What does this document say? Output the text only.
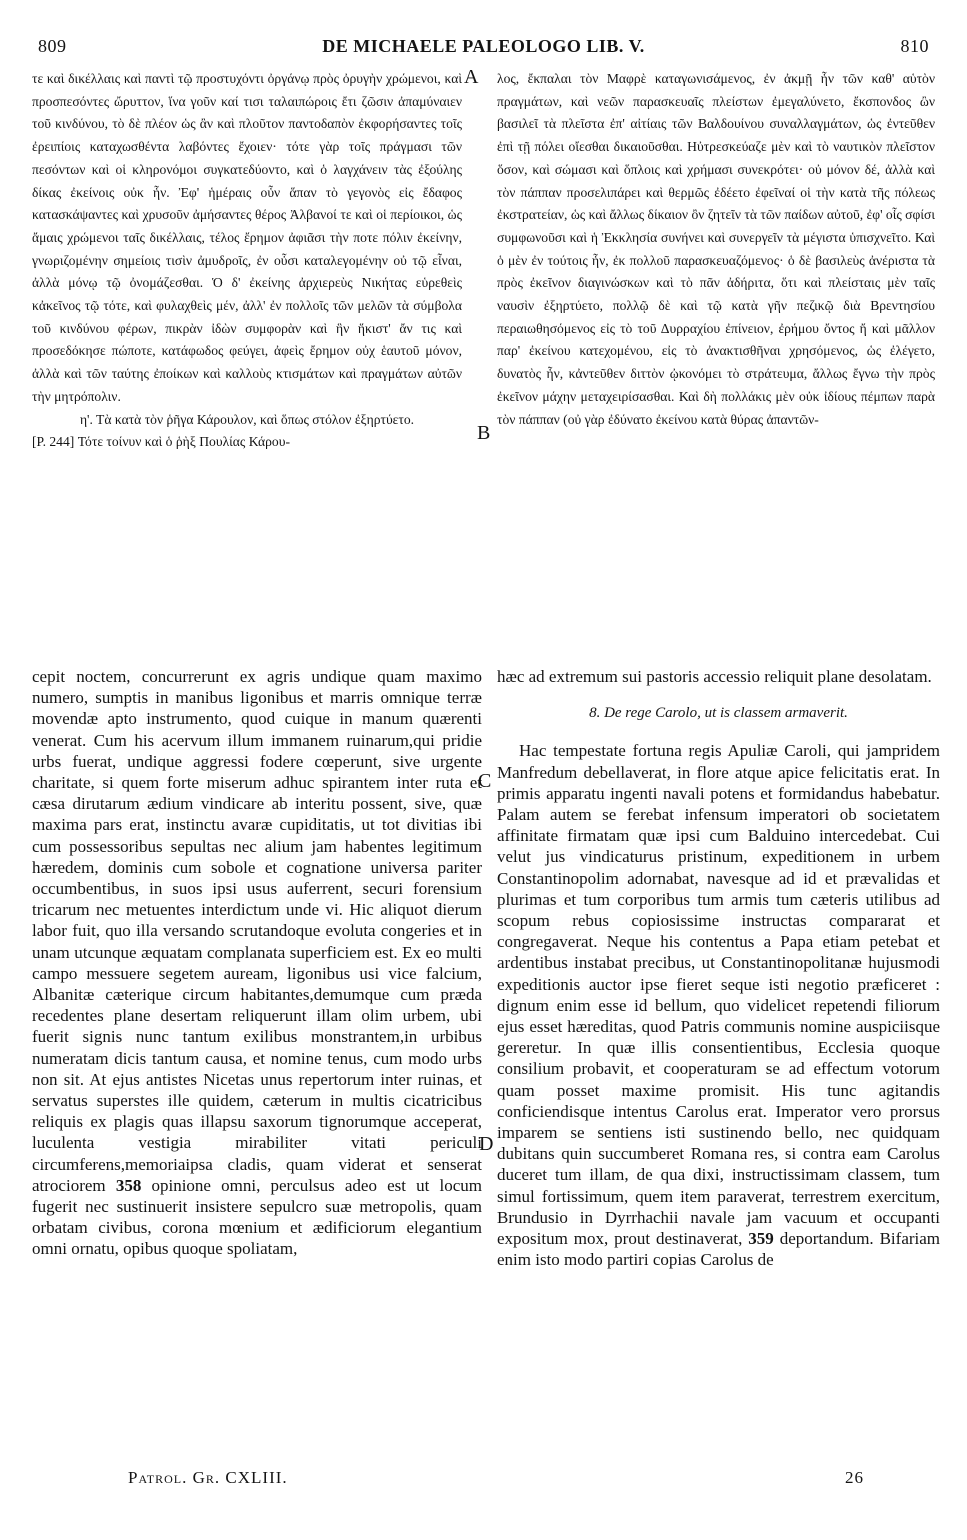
809	DE MICHAELE PALEOLOGO LIB. V.	810

τε καὶ δικέλλαις καὶ παντὶ τῷ προστυχόντι ὀργάνῳ πρὸς ὀρυγὴν χρώμενοι, καὶ προσπεσόντες ὤρυττον, ἵνα γοῦν καί τισι ταλαιπώροις ἔτι ζῶσιν ἀπαμύναιεν τοῦ κινδύνου, τὸ δὲ πλέον ὡς ἂν καὶ πλοῦτον παντοδαπὸν ἐκφορήσαντες τοῖς ἐρειπίοις καταχωσθέντα λαβόντες ἔχοιεν· τότε γὰρ τοῖς πράγμασι τῶν πεσόντων καὶ οἱ κληρονόμοι συγκατεδύοντο, καὶ ὁ λαγχάνειν τὰς ἐξούλης δίκας ἐκείνοις οὐκ ἦν. Ἐφ' ἡμέραις οὖν ἅπαν τὸ γεγονὸς εἰς ἔδαφος κατασκάψαντες καὶ χρυσοῦν ἀμήσαντες θέρος Ἀλβανοί τε καὶ οἱ περίοικοι, ὡς ἄμαις χρώμενοι ταῖς δικέλλαις, τέλος ἔρημον ἀφιᾶσι τὴν ποτε πόλιν ἐκείνην, γνωριζομένην σημείοις τισὶν ἀμυδροῖς, ἐν οὖσι καταλεγομένην οὐ τῷ εἶναι, ἀλλὰ μόνῳ τῷ ὀνομάζεσθαι. Ὁ δ' ἐκείνης ἀρχιερεὺς Νικήτας εὑρεθεὶς κἀκεῖνος τῷ τότε, καὶ φυλαχθεὶς μέν, ἀλλ' ἐν πολλοῖς τῶν μελῶν τὰ σύμβολα τοῦ κινδύνου φέρων, πικρὰν ἰδὼν συμφορὰν καὶ ἣν ἥκιστ' ἄν τις καὶ προσεδόκησε πώποτε, κατάφωδος φεύγει, ἀφεὶς ἔρημον οὐχ ἑαυτοῦ μόνον, ἀλλὰ καὶ τῶν ταύτης ἐποίκων καὶ καλλοὺς κτισμάτων καὶ πραγμάτων αὐτῶν τὴν μητρόπολιν.

η'. Τὰ κατὰ τὸν ῥῆγα Κάρουλον, καὶ ὅπως στόλον ἐξηρτύετο.

[P. 244] Τότε τοίνυν καὶ ὁ ῥὴξ Πουλίας Κάρου-

A
B

λος, ἔκπαλαι τὸν Μαφρὲ καταγωνισάμενος, ἐν ἀκμῇ ἦν τῶν καθ' αὑτὸν πραγμάτων, καὶ νεῶν παρασκευαῖς πλείστων ἐμεγαλύνετο, ἔκσπονδος ὢν βασιλεῖ τὰ πλεῖστα ἐπ' αἰτίαις τῶν Βαλδουίνου συναλλαγμάτων, ὡς ἐντεῦθεν ἐπὶ τῇ πόλει οἴεσθαι δικαιοῦσθαι. Ηὐτρεσκεύαζε μὲν καὶ τὸ ναυτικὸν πλεῖστον ὅσον, καὶ σώμασι καὶ ὅπλοις καὶ χρήμασι συνεκρότει· οὐ μόνον δέ, ἀλλὰ καὶ τὸν πάππαν προσελιπάρει καὶ θερμῶς ἐδέετο ἐφεῖναί οἱ τὴν κατὰ τῆς πόλεως ἐκστρατείαν, ὡς καὶ ἄλλως δίκαιον ὂν ζητεῖν τὰ τῶν παίδων αὐτοῦ, ἐφ' οἷς σφίσι συμφωνοῦσι καὶ ἡ Ἐκκλησία συνήνει καὶ συνεργεῖν τὰ μέγιστα ὑπισχνεῖτο. Καὶ ὁ μὲν ἐν τούτοις ἦν, ἐκ πολλοῦ παρασκευαζόμενος· ὁ δὲ βασιλεὺς ἀνέριστα τὰ πρὸς ἐκεῖνον διαγινώσκων καὶ τὸ πᾶν ἀδήριτα, ὅτι καὶ πλείσταις μὲν ταῖς ναυσὶν ἐξηρτύετο, πολλῷ δὲ καὶ τῷ κατὰ γῆν πεζικῷ διὰ Βρεντησίου περαιωθησόμενος εἰς τὸ τοῦ Δυρραχίου ἐπίνειον, ἐρήμου ὄντος ἤ καὶ μᾶλλον παρ' ἐκείνου κατεχομένου, εἰς τὸ ἀνακτισθῆναι χρησόμενος, ὡς ἐλέγετο, δυνατὸς ἦν, κἀντεῦθεν διττὸν ᾠκονόμει τὸ στράτευμα, ἄλλως ἔγνω τὴν πρὸς ἐκεῖνον μάχην μεταχειρίσασθαι. Καὶ δὴ πολλάκις μὲν οὐκ ἰδίους πέμπων παρὰ τὸν πάππαν (οὐ γὰρ ἐδύνατο ἐκείνου κατὰ θύρας ἀπαντῶν-

cepit noctem, concurrerunt ex agris undique quam maximo numero, sumptis in manibus ligonibus et marris omnique terræ movendæ apto instrumento, quod cuique in manum quærenti venerat. Cum his acervum illum immanem ruinarum,qui pridie urbs fuerat, undique aggressi fodere cœperunt, sive urgente charitate, si quem forte miserum adhuc spirantem inter ruta et cæsa dirutarum ædium vindicare ab interitu possent, sive, quæ maxima pars erat, instinctu avaræ cupiditatis, ut tot divitias ibi cum possessoribus sepultas nec alium jam habentes legitimum hæredem, dominis cum sobole et cognatione universa pariter occumbentibus, in suos ipsi usus auferrent, securi forensium tricarum nec metuentes interdictum unde vi. Hic aliquot dierum labor fuit, quo illa versando scrutandoque evoluta congeries et in unam utcunque æquatam complanata superficiem est. Ex eo multi campo messuere segetem auream, ligonibus usi vice falcium, Albanitæ cæterique circum habitantes,demumque cum præda recedentes plane desertam reliquerunt illam olim urbem, ubi fuerit signis nunc tantum exilibus monstrantem,in urbibus numeratam dicis tantum causa, et nomine tenus, cum modo urbs non sit. At ejus antistes Nicetas unus repertorum inter ruinas, et servatus superstes ille quidem, cæterum in multis cicatricibus reliquis ex plagis quas illapsu saxorum tignorumque acceperat, luculenta vestigia mirabiliter vitati periculi circumferens,memoriaipsa cladis, quam viderat et senserat atrociorem 358 opinione omni, perculsus adeo est ut locum fugerit nec sustinuerit insistere sepulcro suæ metropolis, quam orbatam civibus, corona mœnium et ædificiorum elegantium omni ornatu, opibus quoque spoliatam,

C
D

hæc ad extremum sui pastoris accessio reliquit plane desolatam.

8. De rege Carolo, ut is classem armaverit.

Hac tempestate fortuna regis Apuliæ Caroli, qui jampridem Manfredum debellaverat, in flore atque apice felicitatis erat. In primis apparatu ingenti navali potens et formidandus habebatur. Palam autem se ferebat infensum imperatori ob societatem affinitate firmatam quæ ipsi cum Balduino intercedebat. Cui velut jus vindicaturus pristinum, expeditionem in urbem Constantinopolim adornabat, navesque ad id et prævalidas et plurimas et tum corporibus tum armis tum cæteris utilibus ad scopum rebus copiosissime instructas compararat et congregaverat. Neque his contentus a Papa etiam petebat et ardentibus instabat precibus, ut Constantinopolitanæ hujusmodi expeditionis auctor ipse fieret seque isti negotio præficeret : dignum enim esse id bellum, quo videlicet repetendi filiorum ejus esset hæreditas, quod Patris communis nomine auspiciisque gereretur. In quæ illis consentientibus, Ecclesia quoque consilium probavit, et cooperaturam se ad effectum votorum quam posset maxime promisit. His tunc agitandis conficiendisque intentus Carolus erat. Imperator vero prorsus imparem se sentiens isti sustinendo bello, nec quidquam dubitans quin succumberet Romana res, si contra eam Carolus duceret tum illam, de qua dixi, instructissimam classem, tum simul fortissimum, quem item paraverat, terrestrem exercitum, Brundusio in Dyrrhachii navale jam vacuum et occupanti expositum mox, prout destinaverat, 359 deportandum. Bifariam enim isto modo partiri copias Carolus de

Patrol. Gr. CXLIII.	26
